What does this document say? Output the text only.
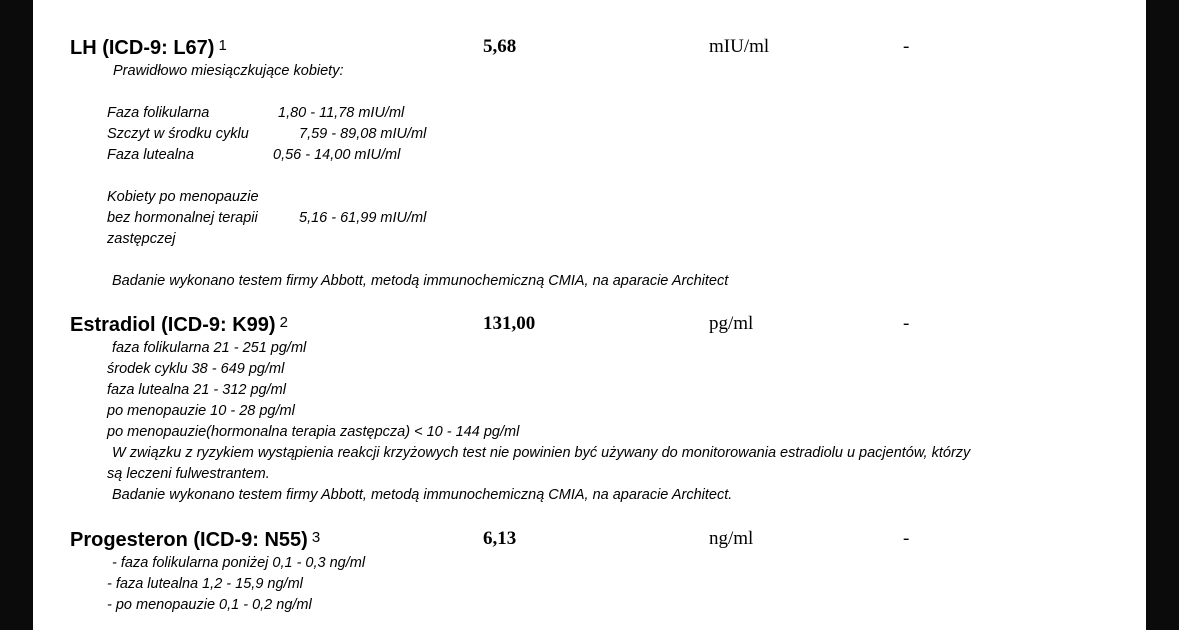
LH (ICD-9: L67) $^1$	5,68	mIU/ml	-
Prawidłowo miesiączkujące kobiety:
Faza folikularna	1,80 - 11,78 mIU/ml
Szczyt w środku cyklu	7,59 - 89,08 mIU/ml
Faza lutealna	0,56 - 14,00 mIU/ml
Kobiety po menopauzie
bez hormonalnej terapii	5,16 - 61,99 mIU/ml
zastępczej
Badanie wykonano testem firmy Abbott, metodą immunochemiczną CMIA, na aparacie Architect
Estradiol (ICD-9: K99) $^2$	131,00	pg/ml	-
faza folikularna 21 - 251 pg/ml
środek cyklu 38 - 649 pg/ml
faza lutealna 21 - 312 pg/ml
po menopauzie 10 - 28 pg/ml
po menopauzie(hormonalna terapia zastępcza) < 10 - 144 pg/ml
W związku z ryzykiem wystąpienia reakcji krzyżowych test nie powinien być używany do monitorowania estradiolu u pacjentów, którzy
są leczeni fulwestrantem.
Badanie wykonano testem firmy Abbott, metodą immunochemiczną CMIA, na aparacie Architect.
Progesteron (ICD-9: N55) $^3$	6,13	ng/ml	-
- faza folikularna poniżej 0,1 - 0,3 ng/ml
- faza lutealna 1,2 - 15,9 ng/ml
- po menopauzie 0,1 - 0,2 ng/ml
